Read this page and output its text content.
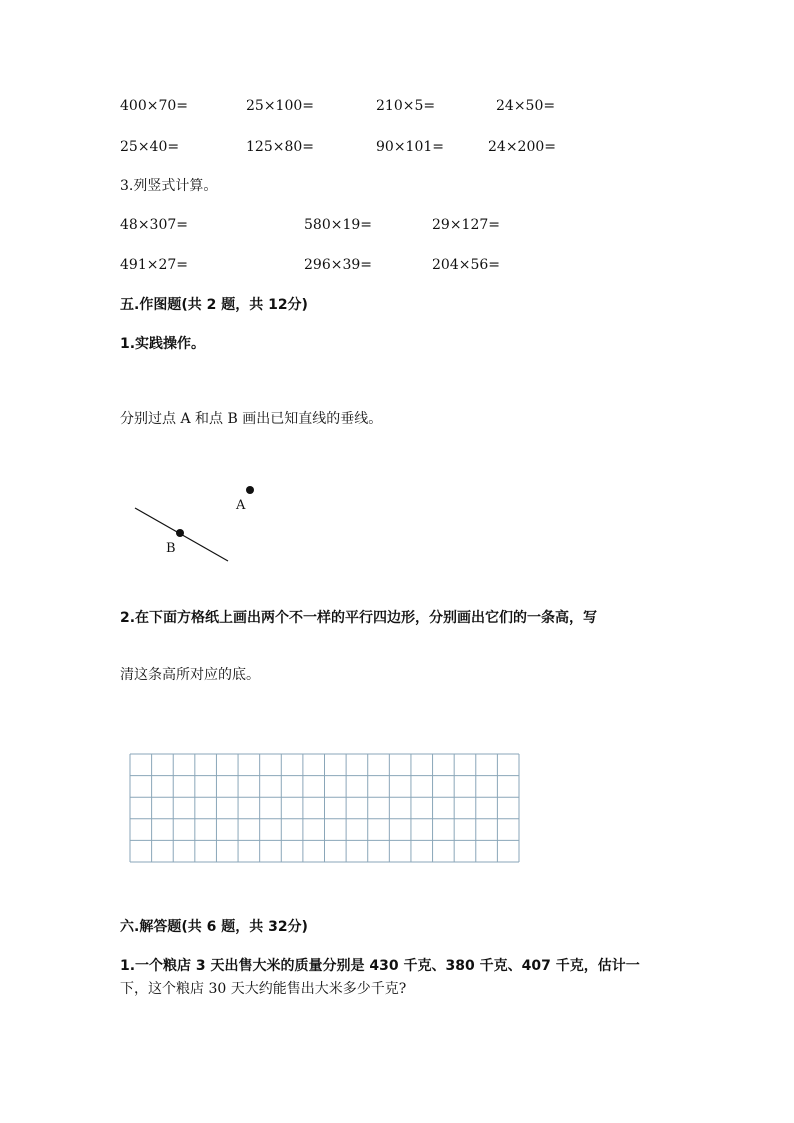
400×70=	25×100=	210×5=	24×50=
25×40=	125×80=	90×101=	24×200=
3.列竖式计算。
48×307=	580×19=	29×127=
491×27=	296×39=	204×56=
五.作图题(共 2 题，共 12分)
1.实践操作。
分别过点 A 和点 B 画出已知直线的垂线。
A
B
2.在下面方格纸上画出两个不一样的平行四边形，分别画出它们的一条高，写
清这条高所对应的底。
六.解答题(共 6 题，共 32分)
1.一个粮店 3 天出售大米的质量分别是 430 千克、380 千克、407 千克，估计一
下，这个粮店 30 天大约能售出大米多少千克?
